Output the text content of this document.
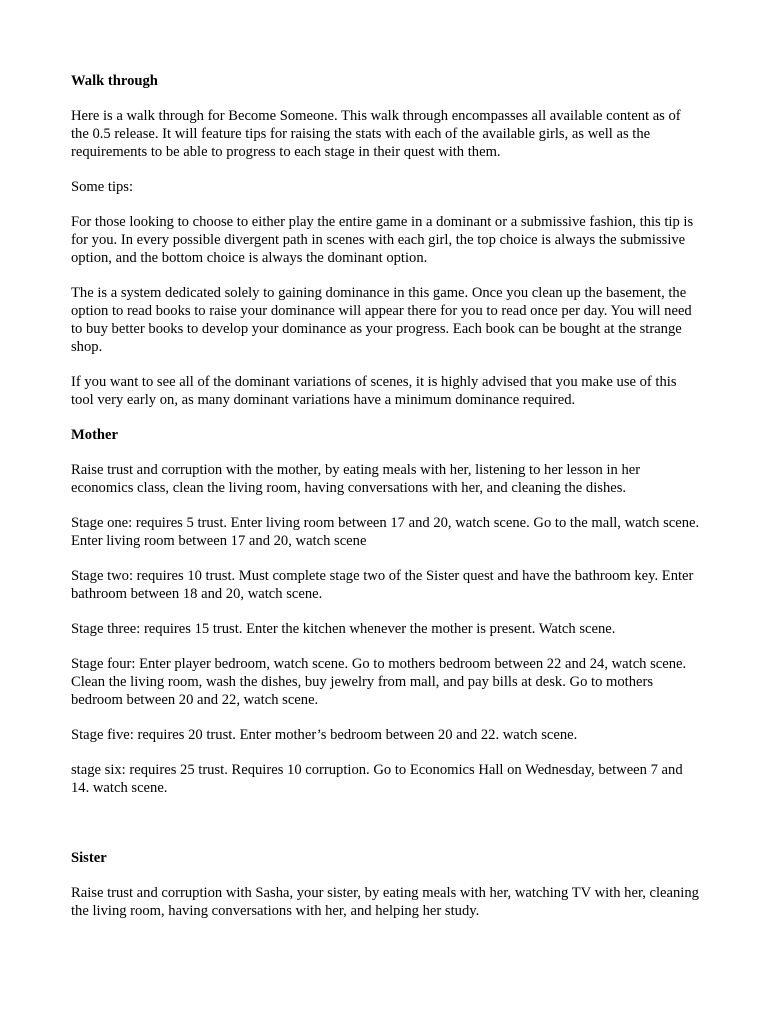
Walk through

Here is a walk through for Become Someone. This walk through encompasses all available content as of the 0.5 release. It will feature tips for raising the stats with each of the available girls, as well as the requirements to be able to progress to each stage in their quest with them.

Some tips:

For those looking to choose to either play the entire game in a dominant or a submissive fashion, this tip is for you. In every possible divergent path in scenes with each girl, the top choice is always the submissive option, and the bottom choice is always the dominant option.

The is a system dedicated solely to gaining dominance in this game. Once you clean up the basement, the option to read books to raise your dominance will appear there for you to read once per day. You will need to buy better books to develop your dominance as your progress. Each book can be bought at the strange shop.

If you want to see all of the dominant variations of scenes, it is highly advised that you make use of this tool very early on, as many dominant variations have a minimum dominance required.

Mother

Raise trust and corruption with the mother, by eating meals with her, listening to her lesson in her economics class, clean the living room, having conversations with her, and cleaning the dishes.

Stage one: requires 5 trust. Enter living room between 17 and 20, watch scene. Go to the mall, watch scene. Enter living room between 17 and 20, watch scene

Stage two: requires 10 trust. Must complete stage two of the Sister quest and have the bathroom key. Enter bathroom between 18 and 20, watch scene.

Stage three: requires 15 trust. Enter the kitchen whenever the mother is present. Watch scene.

Stage four: Enter player bedroom, watch scene. Go to mothers bedroom between 22 and 24, watch scene. Clean the living room, wash the dishes, buy jewelry from mall, and pay bills at desk. Go to mothers bedroom between 20 and 22, watch scene.

Stage five: requires 20 trust. Enter mother’s bedroom between 20 and 22. watch scene.

stage six: requires 25 trust. Requires 10 corruption. Go to Economics Hall on Wednesday, between 7 and 14. watch scene.

Sister

Raise trust and corruption with Sasha, your sister, by eating meals with her, watching TV with her, cleaning the living room, having conversations with her, and helping her study.
